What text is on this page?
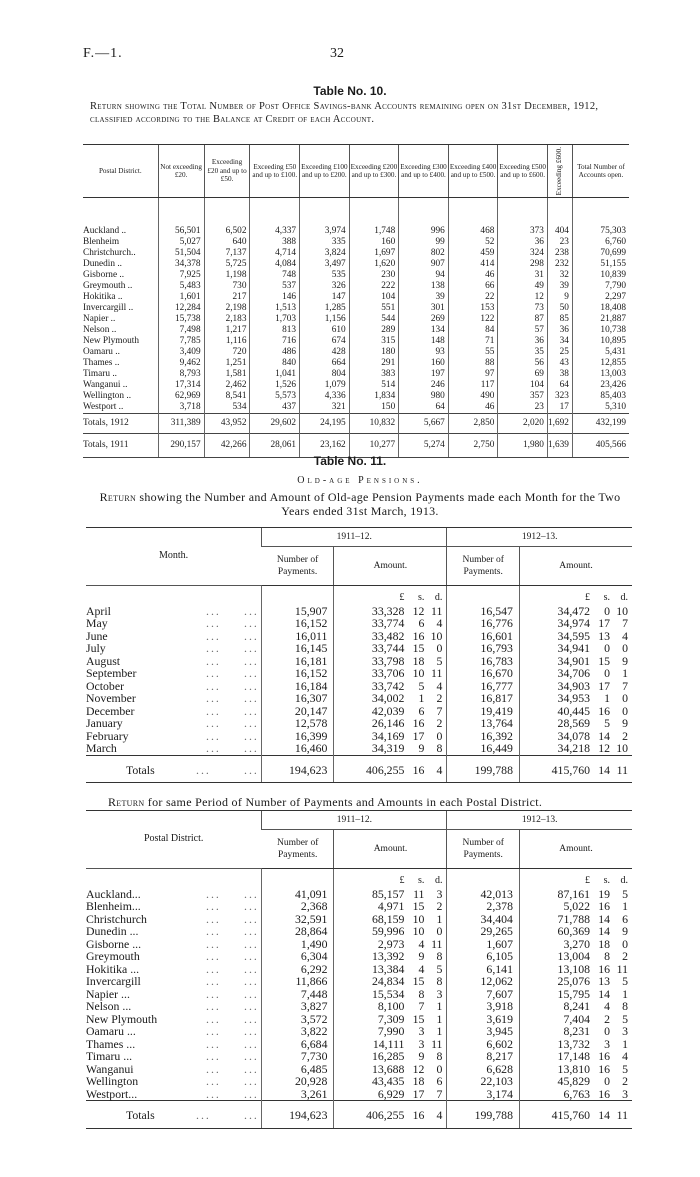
F.—1.	32
Table No. 10.
Return showing the Total Number of Post Office Savings-bank Accounts remaining open on 31st December, 1912, classified according to the Balance at Credit of each Account.
Postal District.	Not exceeding £20.	Exceeding £20 and up to £50.	Exceeding £50 and up to £100.	Exceeding £100 and up to £200.	Exceeding £200 and up to £300.	Exceeding £300 and up to £400.	Exceeding £400 and up to £500.	Exceeding £500 and up to £600.	Exceeding £600.	Total Number of Accounts open.
Auckland ..	56,501	6,502	4,337	3,974	1,748	996	468	373	404	75,303
Blenheim	5,027	640	388	335	160	99	52	36	23	6,760
Christchurch..	51,504	7,137	4,714	3,824	1,697	802	459	324	238	70,699
Dunedin ..	34,378	5,725	4,084	3,497	1,620	907	414	298	232	51,155
Gisborne ..	7,925	1,198	748	535	230	94	46	31	32	10,839
Greymouth ..	5,483	730	537	326	222	138	66	49	39	7,790
Hokitika ..	1,601	217	146	147	104	39	22	12	9	2,297
Invercargill ..	12,284	2,198	1,513	1,285	551	301	153	73	50	18,408
Napier ..	15,738	2,183	1,703	1,156	544	269	122	87	85	21,887
Nelson ..	7,498	1,217	813	610	289	134	84	57	36	10,738
New Plymouth	7,785	1,116	716	674	315	148	71	36	34	10,895
Oamaru ..	3,409	720	486	428	180	93	55	35	25	5,431
Thames ..	9,462	1,251	840	664	291	160	88	56	43	12,855
Timaru ..	8,793	1,581	1,041	804	383	197	97	69	38	13,003
Wanganui ..	17,314	2,462	1,526	1,079	514	246	117	104	64	23,426
Wellington ..	62,969	8,541	5,573	4,336	1,834	980	490	357	323	85,403
Westport ..	3,718	534	437	321	150	64	46	23	17	5,310
Totals, 1912	311,389	43,952	29,602	24,195	10,832	5,667	2,850	2,020	1,692	432,199
Totals, 1911	290,157	42,266	28,061	23,162	10,277	5,274	2,750	1,980	1,639	405,566
Table No. 11.
Old-age Pensions.
Return showing the Number and Amount of Old-age Pension Payments made each Month for the Two Years ended 31st March, 1913.
Month.	1911–12.		1912–13.	
	Number of Payments.	Amount.	Number of Payments.	Amount.
		£ s. d.		£ s. d.
April ... ...	15,907	33,328 12 11	16,547	34,472 0 10
May ... ...	16,152	33,774 6 4	16,776	34,974 17 7
June ... ...	16,011	33,482 16 10	16,601	34,595 13 4
July ... ...	16,145	33,744 15 0	16,793	34,941 0 0
August ... ...	16,181	33,798 18 5	16,783	34,901 15 9
September ... ...	16,152	33,706 10 11	16,670	34,706 0 1
October ... ...	16,184	33,742 5 4	16,777	34,903 17 7
November ... ...	16,307	34,002 1 2	16,817	34,953 1 0
December ... ...	20,147	42,039 6 7	19,419	40,445 16 0
January ... ...	12,578	26,146 16 2	13,764	28,569 5 9
February ... ...	16,399	34,169 17 0	16,392	34,078 14 2
March ... ...	16,460	34,319 9 8	16,449	34,218 12 10
Totals ... ...	194,623	406,255 16 4	199,788	415,760 14 11
Return for same Period of Number of Payments and Amounts in each Postal District.
Postal District.	1911–12.		1912–13.	
	Number of Payments.	Amount.	Number of Payments.	Amount.
		£ s. d.		£ s. d.
Auckland... ... ...	41,091	85,157 11 3	42,013	87,161 19 5
Blenheim... ... ...	2,368	4,971 15 2	2,378	5,022 16 1
Christchurch ... ...	32,591	68,159 10 1	34,404	71,788 14 6
Dunedin ... ... ...	28,864	59,996 10 0	29,265	60,369 14 9
Gisborne ... ... ...	1,490	2,973 4 11	1,607	3,270 18 0
Greymouth ... ...	6,304	13,392 9 8	6,105	13,004 8 2
Hokitika ... ... ...	6,292	13,384 4 5	6,141	13,108 16 11
Invercargill ... ...	11,866	24,834 15 8	12,062	25,076 13 5
Napier ... ... ...	7,448	15,534 8 3	7,607	15,795 14 1
Nelson ... ... ...	3,827	8,100 7 1	3,918	8,241 4 8
New Plymouth ... ...	3,572	7,309 15 1	3,619	7,404 2 5
Oamaru ... ... ...	3,822	7,990 3 1	3,945	8,231 0 3
Thames ... ... ...	6,684	14,111 3 11	6,602	13,732 3 1
Timaru ... ... ...	7,730	16,285 9 8	8,217	17,148 16 4
Wanganui ... ...	6,485	13,688 12 0	6,628	13,810 16 5
Wellington ... ...	20,928	43,435 18 6	22,103	45,829 0 2
Westport... ... ...	3,261	6,929 17 7	3,174	6,763 16 3
Totals ... ...	194,623	406,255 16 4	199,788	415,760 14 11
